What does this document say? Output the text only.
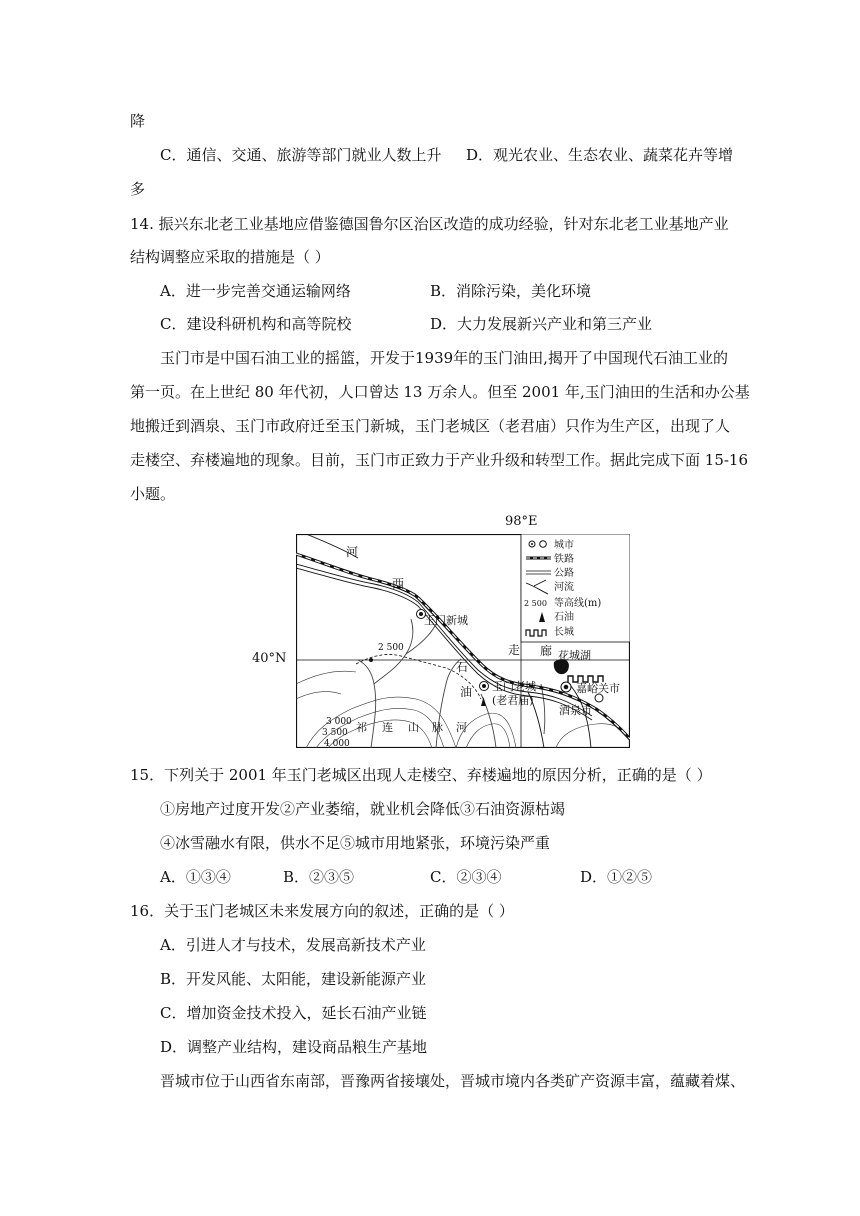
降
C．通信、交通、旅游等部门就业人数上升 D．观光农业、生态农业、蔬菜花卉等增
多
14. 振兴东北老工业基地应借鉴德国鲁尔区治区改造的成功经验，针对东北老工业基地产业
结构调整应采取的措施是（ ）
A．进一步完善交通运输网络	B．消除污染，美化环境
C．建设科研机构和高等院校	D．大力发展新兴产业和第三产业
玉门市是中国石油工业的摇篮，开发于1939年的玉门油田,揭开了中国现代石油工业的
第一页。在上世纪 80 年代初，人口曾达 13 万余人。但至 2001 年,玉门油田的生活和办公基
地搬迁到酒泉、玉门市政府迁至玉门新城，玉门老城区（老君庙）只作为生产区，出现了人
走楼空、弃楼遍地的现象。目前，玉门市正致力于产业升级和转型工作。据此完成下面 15-16
小题。
98°E
40°N
河
西
走 廊
石
油
玉门新城
玉门老城
(老君庙)
嘉峪关市
酒泉市
花城湖
祁 连 山 脉 河
2 500
3 000
3 500
4 000
城市
铁路
公路
河流
2 500 等高线(m)
石油
长城
15．下列关于 2001 年玉门老城区出现人走楼空、弃楼遍地的原因分析，正确的是（ ）
①房地产过度开发②产业萎缩，就业机会降低③石油资源枯竭
④冰雪融水有限，供水不足⑤城市用地紧张，环境污染严重
A．①③④	B．②③⑤	C．②③④	D．①②⑤
16．关于玉门老城区未来发展方向的叙述，正确的是（ ）
A．引进人才与技术，发展高新技术产业
B．开发风能、太阳能，建设新能源产业
C．增加资金技术投入，延长石油产业链
D．调整产业结构，建设商品粮生产基地
晋城市位于山西省东南部，晋豫两省接壤处，晋城市境内各类矿产资源丰富，蕴藏着煤、
